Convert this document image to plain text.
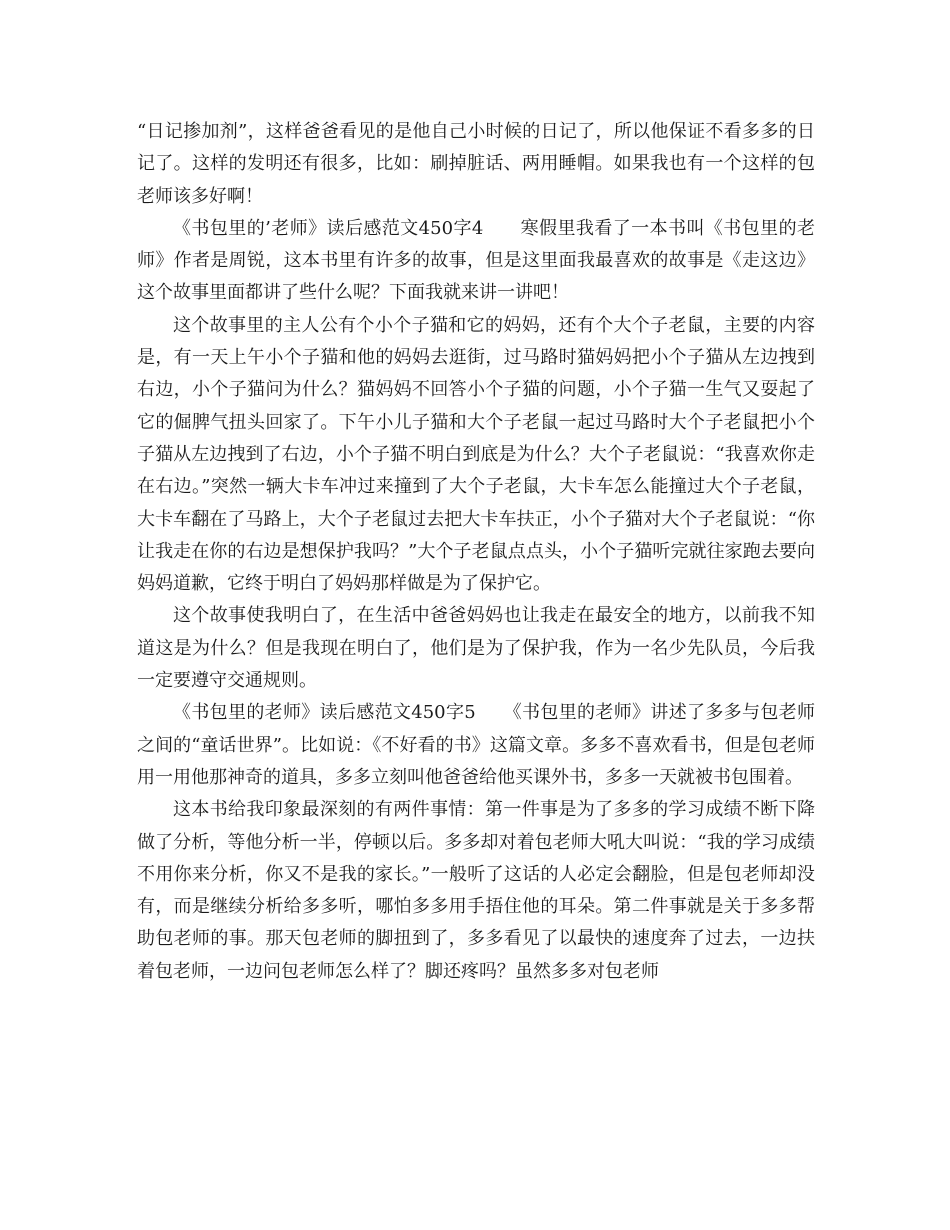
“日记掺加剂”，这样爸爸看见的是他自己小时候的日记了，所以他保证不看多多的日记了。这样的发明还有很多，比如：刷掉脏话、两用睡帽。如果我也有一个这样的包老师该多好啊！

《书包里的’老师》读后感范文450字4　　寒假里我看了一本书叫《书包里的老师》作者是周锐，这本书里有许多的故事，但是这里面我最喜欢的故事是《走这边》这个故事里面都讲了些什么呢？下面我就来讲一讲吧！

这个故事里的主人公有个小个子猫和它的妈妈，还有个大个子老鼠，主要的内容是，有一天上午小个子猫和他的妈妈去逛街，过马路时猫妈妈把小个子猫从左边拽到右边，小个子猫问为什么？猫妈妈不回答小个子猫的问题，小个子猫一生气又耍起了它的倔脾气扭头回家了。下午小儿子猫和大个子老鼠一起过马路时大个子老鼠把小个子猫从左边拽到了右边，小个子猫不明白到底是为什么？大个子老鼠说：“我喜欢你走在右边。”突然一辆大卡车冲过来撞到了大个子老鼠，大卡车怎么能撞过大个子老鼠，大卡车翻在了马路上，大个子老鼠过去把大卡车扶正，小个子猫对大个子老鼠说：“你让我走在你的右边是想保护我吗？”大个子老鼠点点头，小个子猫听完就往家跑去要向妈妈道歉，它终于明白了妈妈那样做是为了保护它。

这个故事使我明白了，在生活中爸爸妈妈也让我走在最安全的地方，以前我不知道这是为什么？但是我现在明白了，他们是为了保护我，作为一名少先队员，今后我一定要遵守交通规则。

《书包里的老师》读后感范文450字5　　《书包里的老师》讲述了多多与包老师之间的“童话世界”。比如说：《不好看的书》这篇文章。多多不喜欢看书，但是包老师用一用他那神奇的道具，多多立刻叫他爸爸给他买课外书，多多一天就被书包围着。

这本书给我印象最深刻的有两件事情：第一件事是为了多多的学习成绩不断下降做了分析，等他分析一半，停顿以后。多多却对着包老师大吼大叫说：“我的学习成绩不用你来分析，你又不是我的家长。”一般听了这话的人必定会翻脸，但是包老师却没有，而是继续分析给多多听，哪怕多多用手捂住他的耳朵。第二件事就是关于多多帮助包老师的事。那天包老师的脚扭到了，多多看见了以最快的速度奔了过去，一边扶着包老师，一边问包老师怎么样了？脚还疼吗？虽然多多对包老师
